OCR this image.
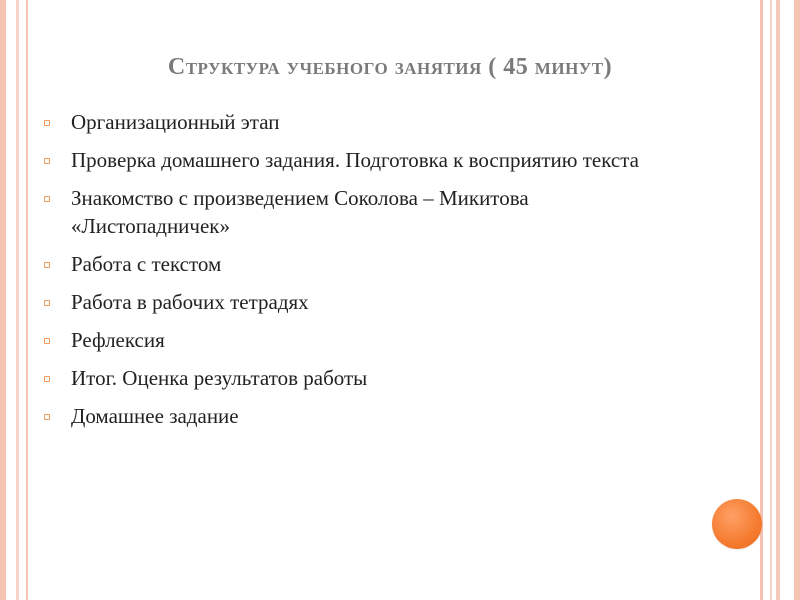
Структура учебного занятия ( 45 минут)
Организационный этап
Проверка домашнего задания. Подготовка к восприятию текста
Знакомство с произведением Соколова – Микитова «Листопадничек»
Работа с текстом
Работа в рабочих тетрадях
Рефлексия
Итог. Оценка результатов работы
Домашнее задание
